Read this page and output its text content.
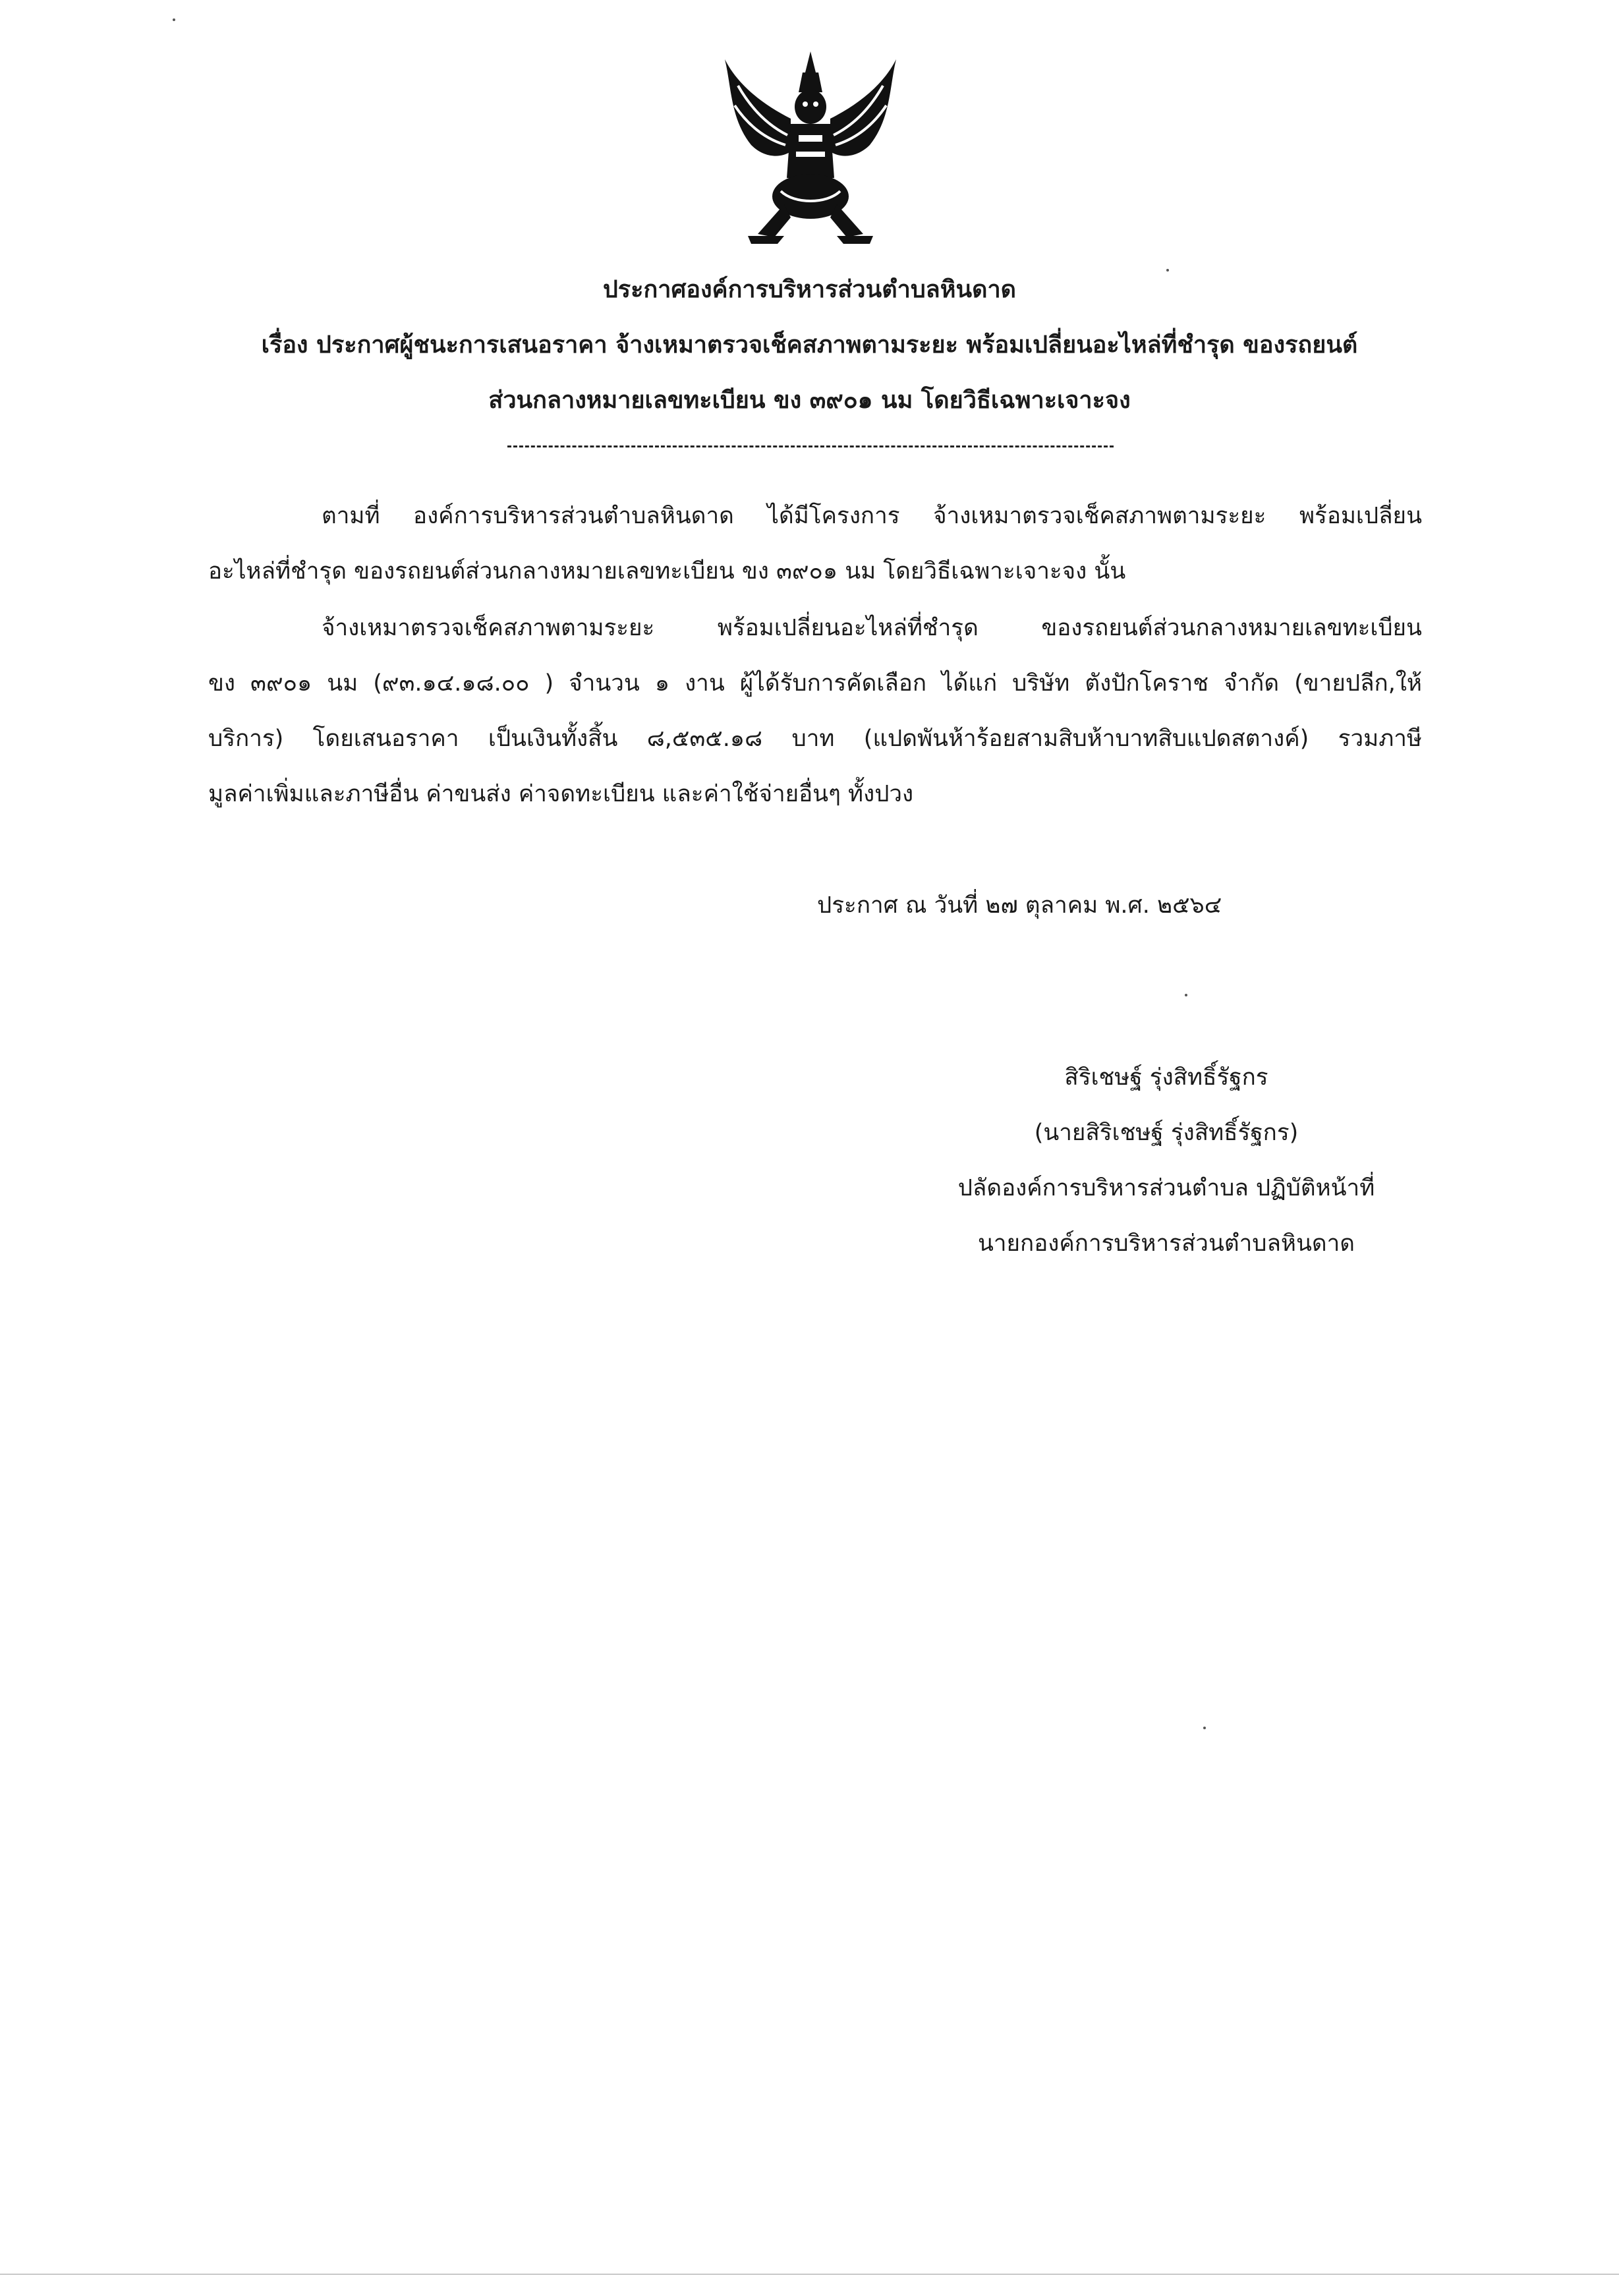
ประกาศองค์การบริหารส่วนตำบลหินดาด
เรื่อง ประกาศผู้ชนะการเสนอราคา จ้างเหมาตรวจเช็คสภาพตามระยะ พร้อมเปลี่ยนอะไหล่ที่ชำรุด ของรถยนต์
ส่วนกลางหมายเลขทะเบียน ขง ๓๙๐๑ นม โดยวิธีเฉพาะเจาะจง
ตามที่ องค์การบริหารส่วนตำบลหินดาด ได้มีโครงการ จ้างเหมาตรวจเช็คสภาพตามระยะ พร้อมเปลี่ยน
อะไหล่ที่ชำรุด ของรถยนต์ส่วนกลางหมายเลขทะเบียน ขง ๓๙๐๑ นม โดยวิธีเฉพาะเจาะจง นั้น
จ้างเหมาตรวจเช็คสภาพตามระยะ พร้อมเปลี่ยนอะไหล่ที่ชำรุด ของรถยนต์ส่วนกลางหมายเลขทะเบียน
ขง ๓๙๐๑ นม (๙๓.๑๔.๑๘.๐๐ ) จำนวน ๑ งาน ผู้ได้รับการคัดเลือก ได้แก่ บริษัท ตังปักโคราช จำกัด (ขายปลีก,ให้
บริการ) โดยเสนอราคา เป็นเงินทั้งสิ้น ๘,๕๓๕.๑๘ บาท (แปดพันห้าร้อยสามสิบห้าบาทสิบแปดสตางค์) รวมภาษี
มูลค่าเพิ่มและภาษีอื่น ค่าขนส่ง ค่าจดทะเบียน และค่าใช้จ่ายอื่นๆ ทั้งปวง
ประกาศ ณ วันที่ ๒๗ ตุลาคม พ.ศ. ๒๕๖๔
สิริเชษฐ์ รุ่งสิทธิ์รัฐกร
(นายสิริเชษฐ์ รุ่งสิทธิ์รัฐกร)
ปลัดองค์การบริหารส่วนตำบล ปฏิบัติหน้าที่
นายกองค์การบริหารส่วนตำบลหินดาด
